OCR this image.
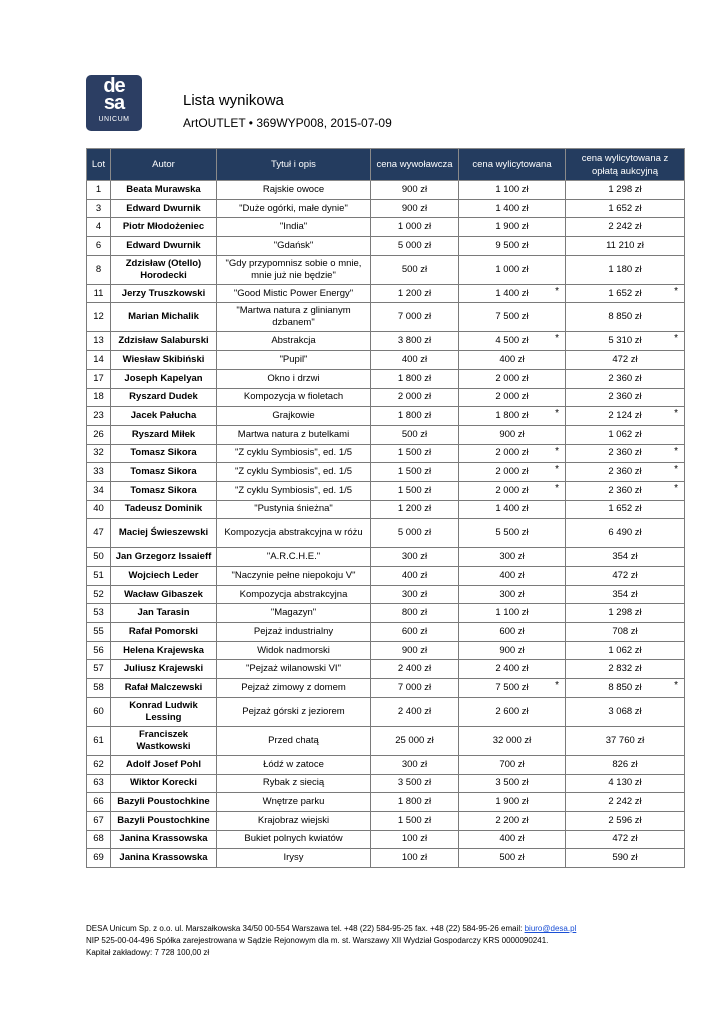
de
sa
UNICUM
Lista wynikowa
ArtOUTLET • 369WYP008, 2015-07-09
Lot	Autor	Tytuł i opis	cena wywoławcza	cena wylicytowana	cena wylicytowana z opłatą aukcyjną
1	Beata Murawska	Rajskie owoce	900 zł	1 100 zł	1 298 zł

3	Edward Dwurnik	"Duże ogórki, małe dynie"	900 zł	1 400 zł	1 652 zł

4	Piotr Młodożeniec	"India"	1 000 zł	1 900 zł	2 242 zł

6	Edward Dwurnik	"Gdańsk"	5 000 zł	9 500 zł	11 210 zł

8	Zdzisław (Otello) Horodecki	"Gdy przypomnisz sobie o mnie, mnie już nie będzie"	500 zł	1 000 zł	1 180 zł

11	Jerzy Truszkowski	"Good Mistic Power Energy"	1 200 zł	1 400 zł *	1 652 zł *

12	Marian Michalik	"Martwa natura z glinianym dzbanem"	7 000 zł	7 500 zł	8 850 zł

13	Zdzisław Salaburski	Abstrakcja	3 800 zł	4 500 zł *	5 310 zł *

14	Wiesław Skibiński	"Pupil"	400 zł	400 zł	472 zł

17	Joseph Kapelyan	Okno i drzwi	1 800 zł	2 000 zł	2 360 zł

18	Ryszard Dudek	Kompozycja w fioletach	2 000 zł	2 000 zł	2 360 zł

23	Jacek Pałucha	Grajkowie	1 800 zł	1 800 zł *	2 124 zł *

26	Ryszard Miłek	Martwa natura z butelkami	500 zł	900 zł	1 062 zł

32	Tomasz Sikora	"Z cyklu Symbiosis", ed. 1/5	1 500 zł	2 000 zł *	2 360 zł *

33	Tomasz Sikora	"Z cyklu Symbiosis", ed. 1/5	1 500 zł	2 000 zł *	2 360 zł *

34	Tomasz Sikora	"Z cyklu Symbiosis", ed. 1/5	1 500 zł	2 000 zł *	2 360 zł *

40	Tadeusz Dominik	"Pustynia śnieżna"	1 200 zł	1 400 zł	1 652 zł

47	Maciej Świeszewski	Kompozycja abstrakcyjna w różu	5 000 zł	5 500 zł	6 490 zł

50	Jan Grzegorz Issaieff	"A.R.C.H.E."	300 zł	300 zł	354 zł

51	Wojciech Leder	"Naczynie pełne niepokoju V"	400 zł	400 zł	472 zł

52	Wacław Gibaszek	Kompozycja abstrakcyjna	300 zł	300 zł	354 zł

53	Jan Tarasin	"Magazyn"	800 zł	1 100 zł	1 298 zł

55	Rafał Pomorski	Pejzaż industrialny	600 zł	600 zł	708 zł

56	Helena Krajewska	Widok nadmorski	900 zł	900 zł	1 062 zł

57	Juliusz Krajewski	"Pejzaż wilanowski VI"	2 400 zł	2 400 zł	2 832 zł

58	Rafał Malczewski	Pejzaż zimowy z domem	7 000 zł	7 500 zł *	8 850 zł *

60	Konrad Ludwik Lessing	Pejzaż górski z jeziorem	2 400 zł	2 600 zł	3 068 zł

61	Franciszek Wastkowski	Przed chatą	25 000 zł	32 000 zł	37 760 zł

62	Adolf Josef Pohl	Łódź w zatoce	300 zł	700 zł	826 zł

63	Wiktor Korecki	Rybak z siecią	3 500 zł	3 500 zł	4 130 zł

66	Bazyli Poustochkine	Wnętrze parku	1 800 zł	1 900 zł	2 242 zł

67	Bazyli Poustochkine	Krajobraz wiejski	1 500 zł	2 200 zł	2 596 zł

68	Janina Krassowska	Bukiet polnych kwiatów	100 zł	400 zł	472 zł

69	Janina Krassowska	Irysy	100 zł	500 zł	590 zł
DESA Unicum Sp. z o.o. ul. Marszałkowska 34/50 00-554 Warszawa tel. +48 (22) 584-95-25 fax. +48 (22) 584-95-26 email: biuro@desa.pl
NIP 525-00-04-496 Spółka zarejestrowana w Sądzie Rejonowym dla m. st. Warszawy XII Wydział Gospodarczy KRS 0000090241.
Kapitał zakładowy: 7 728 100,00 zł
